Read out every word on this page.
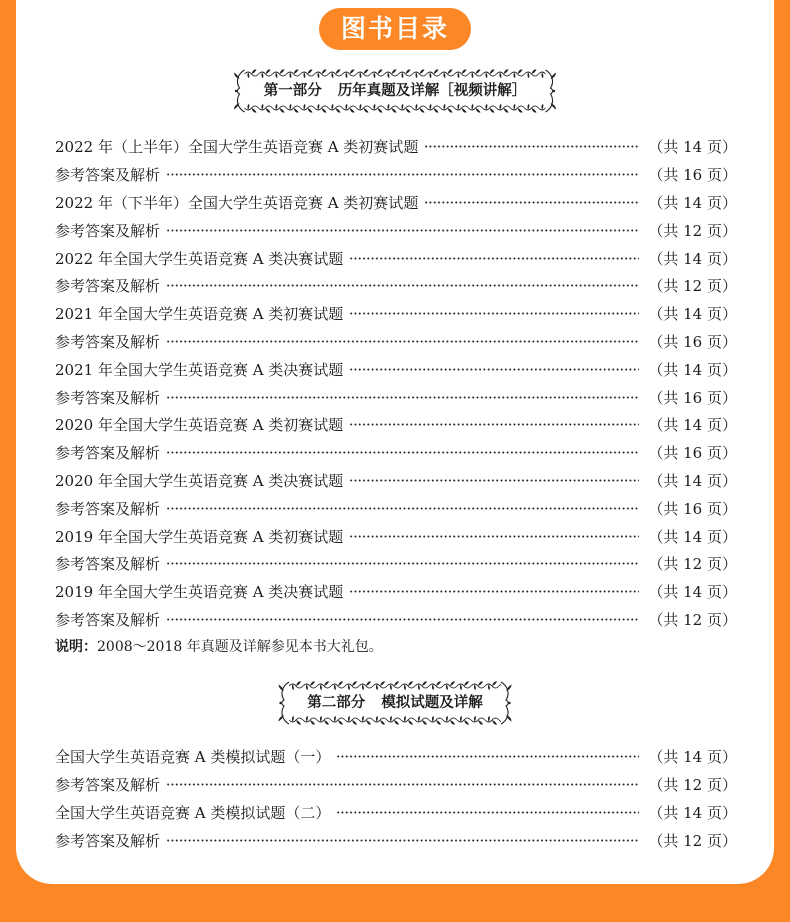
图书目录
第一部分 历年真题及详解［视频讲解］
2022 年（上半年）全国大学生英语竞赛 A 类初赛试题	（共 14 页）
参考答案及解析	（共 16 页）
2022 年（下半年）全国大学生英语竞赛 A 类初赛试题	（共 14 页）
参考答案及解析	（共 12 页）
2022 年全国大学生英语竞赛 A 类决赛试题	（共 14 页）
参考答案及解析	（共 12 页）
2021 年全国大学生英语竞赛 A 类初赛试题	（共 14 页）
参考答案及解析	（共 16 页）
2021 年全国大学生英语竞赛 A 类决赛试题	（共 14 页）
参考答案及解析	（共 16 页）
2020 年全国大学生英语竞赛 A 类初赛试题	（共 14 页）
参考答案及解析	（共 16 页）
2020 年全国大学生英语竞赛 A 类决赛试题	（共 14 页）
参考答案及解析	（共 16 页）
2019 年全国大学生英语竞赛 A 类初赛试题	（共 14 页）
参考答案及解析	（共 12 页）
2019 年全国大学生英语竞赛 A 类决赛试题	（共 14 页）
参考答案及解析	（共 12 页）
说明：2008～2018 年真题及详解参见本书大礼包。
第二部分 模拟试题及详解
全国大学生英语竞赛 A 类模拟试题（一）	（共 14 页）
参考答案及解析	（共 12 页）
全国大学生英语竞赛 A 类模拟试题（二）	（共 14 页）
参考答案及解析	（共 12 页）
